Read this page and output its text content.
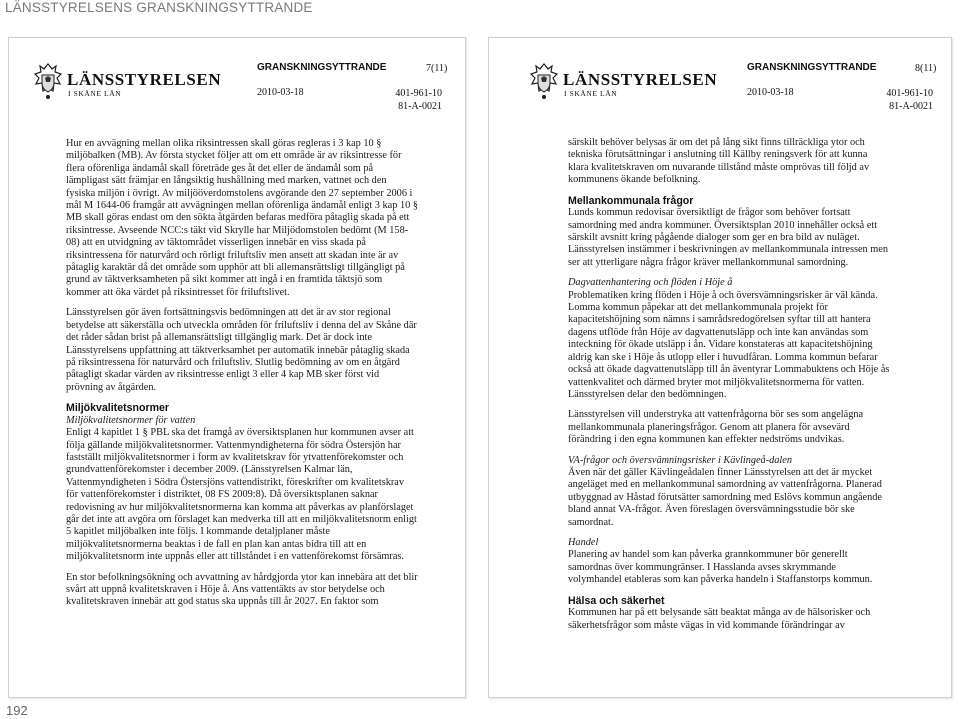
LÄNSSTYRELSENS GRANSKNINGSYTTRANDE
LÄNSSTYRELSEN
I SKÅNE LÄN
GRANSKNINGSYTTRANDE	7(11)
2010-03-18	401-961-10
81-A-0021

Hur en avvägning mellan olika riksintressen skall göras regleras i 3 kap 10 § miljöbalken (MB). Av första stycket följer att om ett område är av riksintresse för flera oförenliga ändamål skall företräde ges åt det eller de ändamål som på lämpligast sätt främjar en långsiktig hushållning med marken, vattnet och den fysiska miljön i övrigt. Av miljööverdomstolens avgörande den 27 september 2006 i mål M 1644-06 framgår att avvägningen mellan oförenliga ändamål enligt 3 kap 10 § MB skall göras endast om den sökta åtgärden befaras medföra påtaglig skada på ett riksintresse. Avseende NCC:s täkt vid Skrylle har Miljödomstolen bedömt (M 158-08) att en utvidgning av täktområdet visserligen innebär en viss skada på riksintressena för naturvård och rörligt friluftsliv men ansett att skadan inte är av påtaglig karaktär då det område som upphör att bli allemansrättsligt tillgängligt på grund av täktverksamheten på sikt kommer att ingå i en framtida täktsjö som kommer att öka värdet på riksintresset för friluftslivet.

Länsstyrelsen gör även fortsättningsvis bedömningen att det är av stor regional betydelse att säkerställa och utveckla områden för friluftsliv i denna del av Skåne där det råder sådan brist på allemansrättsligt tillgänglig mark. Det är dock inte Länsstyrelsens uppfattning att täktverksamhet per automatik innebär påtaglig skada på riksintressena för naturvård och friluftsliv. Slutlig bedömning av om en åtgärd påtagligt skadar värden av riksintresse enligt 3 eller 4 kap MB sker först vid prövning av åtgärden.

Miljökvalitetsnormer
Miljökvalitetsnormer för vatten

Enligt 4 kapitlet 1 § PBL ska det framgå av översiktsplanen hur kommunen avser att följa gällande miljökvalitetsnormer. Vattenmyndigheterna för södra Östersjön har fastställt miljökvalitetsnormer i form av kvalitetskrav för ytvattenförekomster och grundvattenförekomster i december 2009. (Länsstyrelsen Kalmar län, Vattenmyndigheten i Södra Östersjöns vattendistrikt, föreskrifter om kvalitetskrav för vattenförekomster i distriktet, 08 FS 2009:8). Då översiktsplanen saknar redovisning av hur miljökvalitetsnormerna kan komma att påverkas av planförslaget går det inte att avgöra om förslaget kan medverka till att en miljökvalitetsnorm enligt 5 kapitlet miljöbalken inte följs. I kommande detaljplaner måste miljökvalitetsnormerna beaktas i de fall en plan kan antas bidra till att en miljökvalitetsnorm inte uppnås eller att tillståndet i en vattenförekomst försämras.

En stor befolkningsökning och avvattning av hårdgjorda ytor kan innebära att det blir svårt att uppnå kvalitetskraven i Höje å. Ans vattentäkts av stor betydelse och kvalitetskraven innebär att god status ska uppnås till år 2027. En faktor som

LÄNSSTYRELSEN
I SKÅNE LÄN
GRANSKNINGSYTTRANDE	8(11)
2010-03-18	401-961-10
81-A-0021

särskilt behöver belysas är om det på lång sikt finns tillräckliga ytor och tekniska förutsättningar i anslutning till Källby reningsverk för att kunna klara kvalitetskraven om nuvarande tillstånd måste omprövas till följd av kommunens ökande befolkning.

Mellankommunala frågor

Lunds kommun redovisar översiktligt de frågor som behöver fortsatt samordning med andra kommuner. Översiktsplan 2010 innehåller också ett särskilt avsnitt kring pågående dialoger som ger en bra bild av nuläget. Länsstyrelsen instämmer i beskrivningen av mellankommunala intressen men ser att ytterligare några frågor kräver mellankommunal samordning.

Dagvattenhantering och flöden i Höje å

Problematiken kring flöden i Höje å och översvämningsrisker är väl kända. Lomma kommun påpekar att det mellankommunala projekt för kapacitetshöjning som nämns i samrådsredogörelsen syftar till att hantera dagens utflöde från Höje av dagvattenutsläpp och inte kan användas som inteckning för ökade utsläpp i ån. Vidare konstateras att kapacitetshöjning aldrig kan ske i Höje ås utlopp eller i huvudfåran. Lomma kommun befarar också att ökade dagvattenutsläpp till ån äventyrar Lommabuktens och Höje ås vattenkvalitet och därmed bryter mot miljökvalitetsnormerna för vatten. Länsstyrelsen delar den bedömningen.

Länsstyrelsen vill understryka att vattenfrågorna bör ses som angelägna mellankommunala planeringsfrågor. Genom att planera för avsevärd förändring i den egna kommunen kan effekter nedströms undvikas.

VA-frågor och översvämningsrisker i Kävlingeå-dalen

Även när det gäller Kävlingeådalen finner Länsstyrelsen att det är mycket angeläget med en mellankommunal samordning av vattenfrågorna. Planerad utbyggnad av Håstad förutsätter samordning med Eslövs kommun angående bland annat VA-frågor. Även föreslagen översvämningsstudie bör ske samordnat.

Handel

Planering av handel som kan påverka grannkommuner bör generellt samordnas över kommungränser. I Hasslanda avses skrymmande volymhandel etableras som kan påverka handeln i Staffanstorps kommun.

Hälsa och säkerhet

Kommunen har på ett belysande sätt beaktat många av de hälsorisker och säkerhetsfrågor som måste vägas in vid kommande förändringar av

192
